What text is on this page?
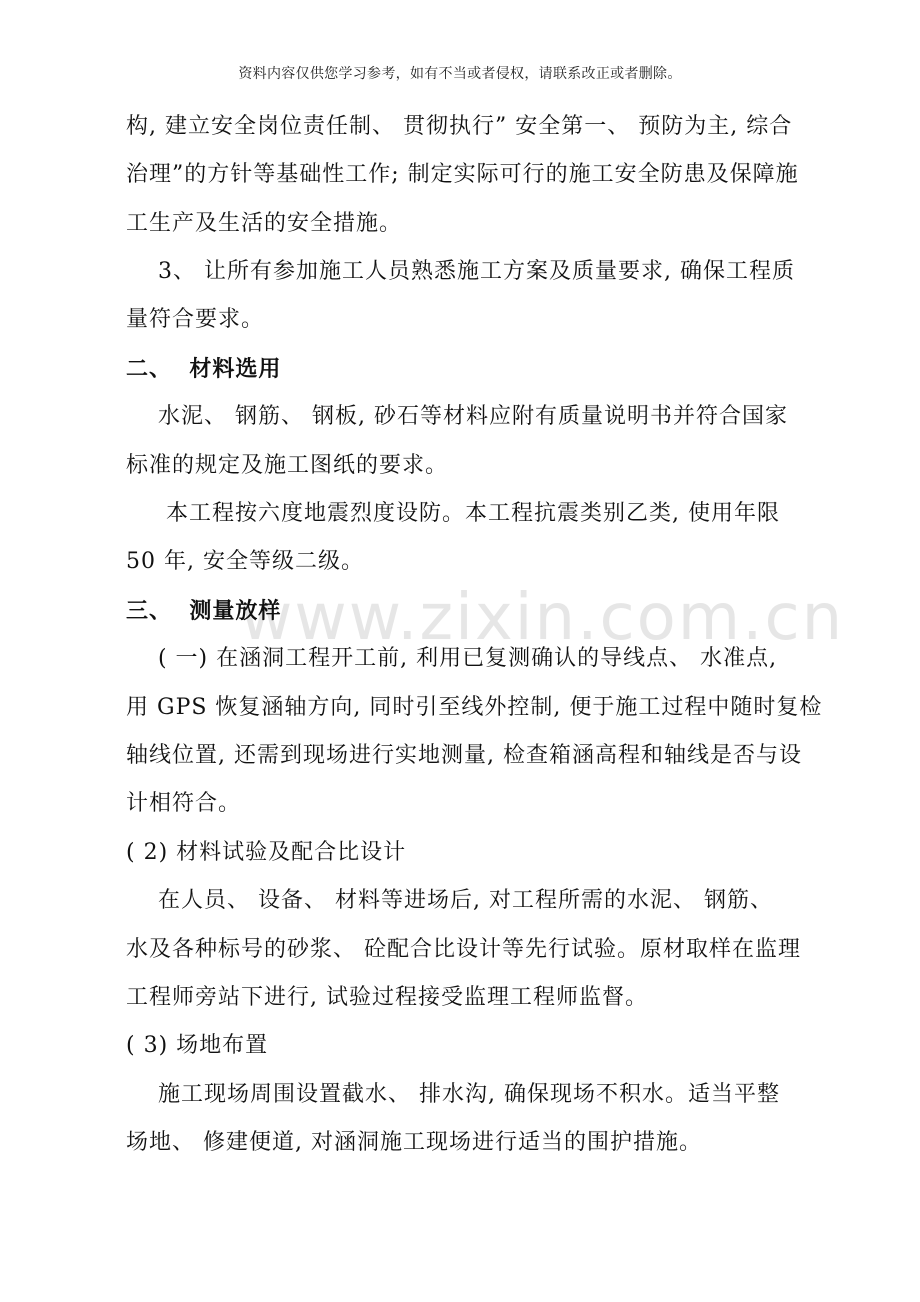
www.zixin.com.cn
资料内容仅供您学习参考，如有不当或者侵权，请联系改正或者删除。
构, 建立安全岗位责任制、 贯彻执行” 安全第一、 预防为主, 综合
治理”的方针等基础性工作; 制定实际可行的施工安全防患及保障施
工生产及生活的安全措施。
3、 让所有参加施工人员熟悉施工方案及质量要求, 确保工程质
量符合要求。
二、  材料选用
水泥、 钢筋、 钢板, 砂石等材料应附有质量说明书并符合国家
标准的规定及施工图纸的要求。
本工程按六度地震烈度设防。本工程抗震类别乙类, 使用年限
50 年, 安全等级二级。
三、  测量放样
( 一) 在涵洞工程开工前, 利用已复测确认的导线点、 水准点,
用 GPS 恢复涵轴方向, 同时引至线外控制, 便于施工过程中随时复检
轴线位置, 还需到现场进行实地测量, 检查箱涵高程和轴线是否与设
计相符合。
( 2) 材料试验及配合比设计
在人员、 设备、 材料等进场后, 对工程所需的水泥、 钢筋、
水及各种标号的砂浆、 砼配合比设计等先行试验。原材取样在监理
工程师旁站下进行, 试验过程接受监理工程师监督。
( 3) 场地布置
施工现场周围设置截水、 排水沟, 确保现场不积水。适当平整
场地、 修建便道, 对涵洞施工现场进行适当的围护措施。
